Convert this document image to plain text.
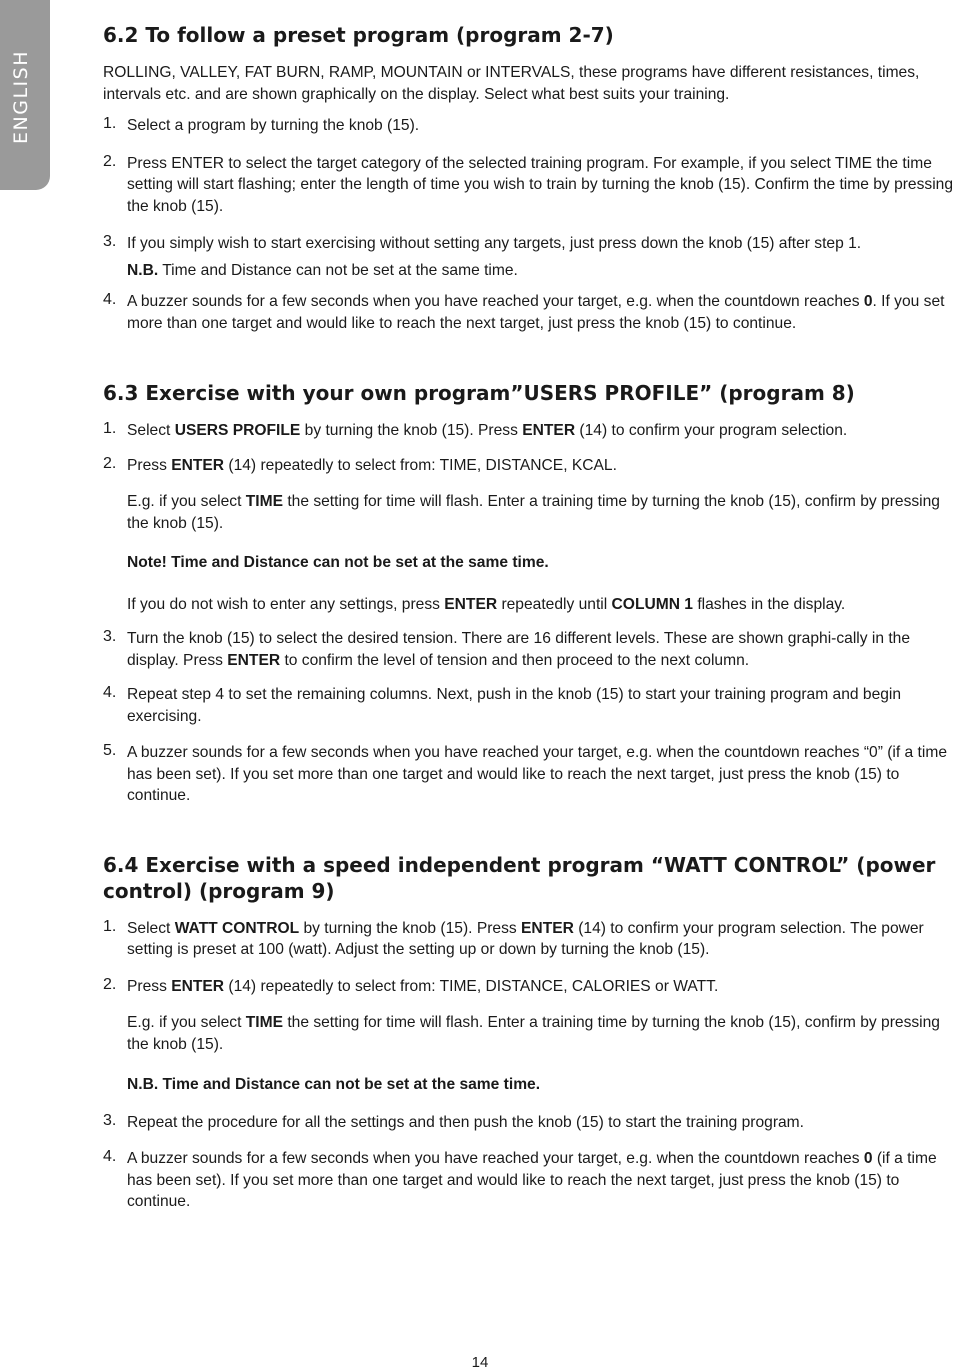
ENGLISH
6.2 To follow a preset program (program 2-7)

ROLLING, VALLEY, FAT BURN, RAMP, MOUNTAIN or INTERVALS, these programs have different resistances, times, intervals etc. and are shown graphically on the display. Select what best suits your training.

1. Select a program by turning the knob (15).

2. Press ENTER to select the target category of the selected training program. For example, if you select TIME the time setting will start flashing; enter the length of time you wish to train by turning the knob (15). Confirm the time by pressing the knob (15).

3. If you simply wish to start exercising without setting any targets, just press down the knob (15) after step 1.

N.B. Time and Distance can not be set at the same time.

4. A buzzer sounds for a few seconds when you have reached your target, e.g. when the countdown reaches 0. If you set more than one target and would like to reach the next target, just press the knob (15) to continue.

6.3 Exercise with your own program”USERS PROFILE” (program 8)
1. Select USERS PROFILE by turning the knob (15). Press ENTER (14) to confirm your program selection.

2. Press ENTER (14) repeatedly to select from: TIME, DISTANCE, KCAL.

E.g. if you select TIME the setting for time will flash. Enter a training time by turning the knob (15), confirm by pressing the knob (15).

Note! Time and Distance can not be set at the same time.

If you do not wish to enter any settings, press ENTER repeatedly until COLUMN 1 flashes in the display.

3. Turn the knob (15) to select the desired tension. There are 16 different levels. These are shown graphi-cally in the display. Press ENTER to confirm the level of tension and then proceed to the next column.

4. Repeat step 4 to set the remaining columns. Next, push in the knob (15) to start your training program and begin exercising.

5. A buzzer sounds for a few seconds when you have reached your target, e.g. when the countdown reaches “0” (if a time has been set). If you set more than one target and would like to reach the next target, just press the knob (15) to continue.

6.4 Exercise with a speed independent program “WATT CONTROL” (power control) (program 9)
1. Select WATT CONTROL by turning the knob (15). Press ENTER (14) to confirm your program selection. The power setting is preset at 100 (watt). Adjust the setting up or down by turning the knob (15).

2. Press ENTER (14) repeatedly to select from: TIME, DISTANCE, CALORIES or WATT.

E.g. if you select TIME the setting for time will flash. Enter a training time by turning the knob (15), confirm by pressing the knob (15).

N.B. Time and Distance can not be set at the same time.

3. Repeat the procedure for all the settings and then push the knob (15) to start the training program.

4. A buzzer sounds for a few seconds when you have reached your target, e.g. when the countdown reaches 0 (if a time has been set). If you set more than one target and would like to reach the next target, just press the knob (15) to continue.

14
